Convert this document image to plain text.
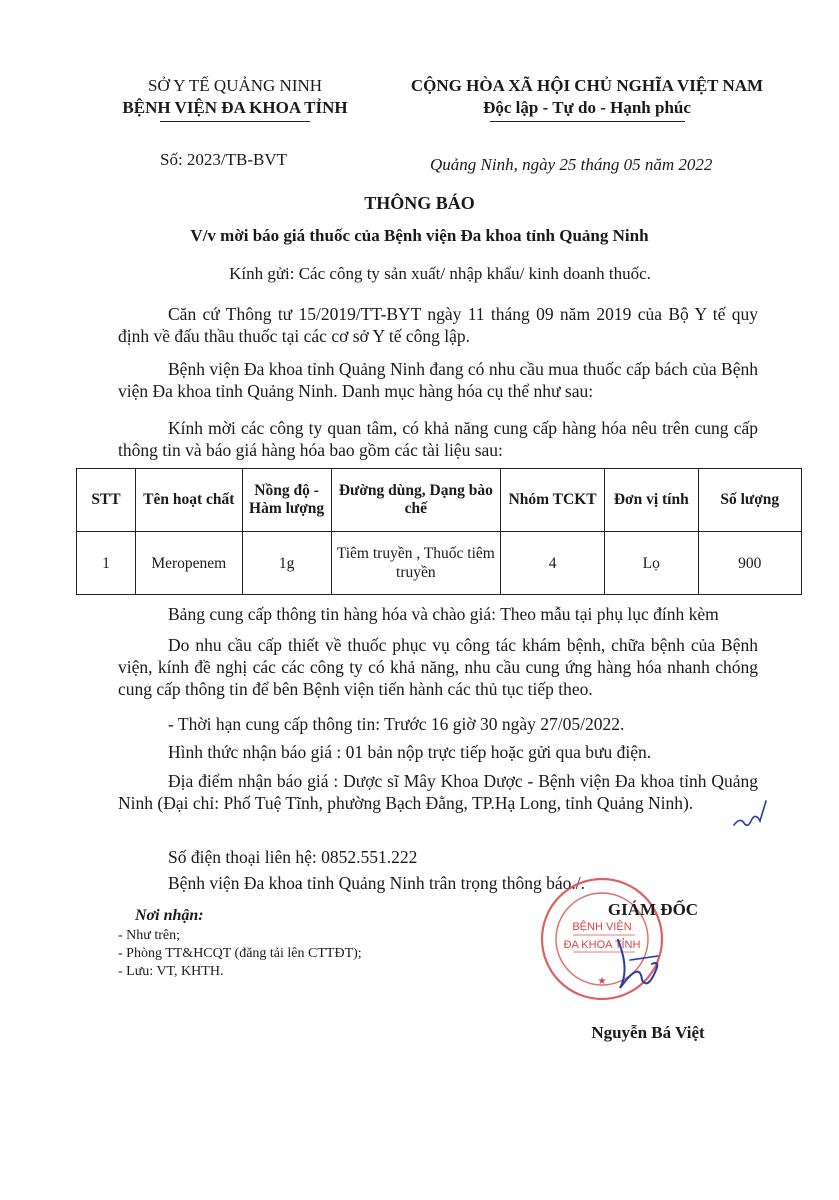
SỞ Y TẾ QUẢNG NINH
BỆNH VIỆN ĐA KHOA TỈNH
CỘNG HÒA XÃ HỘI CHỦ NGHĨA VIỆT NAM
Độc lập - Tự do - Hạnh phúc
Số: 2023/TB-BVT	Quảng Ninh, ngày 25 tháng 05 năm 2022
THÔNG BÁO
V/v mời báo giá thuốc của Bệnh viện Đa khoa tỉnh Quảng Ninh
Kính gửi: Các công ty sản xuất/ nhập khẩu/ kinh doanh thuốc.
Căn cứ Thông tư 15/2019/TT-BYT ngày 11 tháng 09 năm 2019 của Bộ Y tế quy định về đấu thầu thuốc tại các cơ sở Y tế công lập.
Bệnh viện Đa khoa tỉnh Quảng Ninh đang có nhu cầu mua thuốc cấp bách của Bệnh viện Đa khoa tỉnh Quảng Ninh. Danh mục hàng hóa cụ thể như sau:
Kính mời các công ty quan tâm, có khả năng cung cấp hàng hóa nêu trên cung cấp thông tin và báo giá hàng hóa bao gồm các tài liệu sau:
STT	Tên hoạt chất	Nồng độ - Hàm lượng	Đường dùng, Dạng bào chế	Nhóm TCKT	Đơn vị tính	Số lượng
1	Meropenem	1g	Tiêm truyền , Thuốc tiêm truyền	4	Lọ	900
Bảng cung cấp thông tin hàng hóa và chào giá: Theo mẫu tại phụ lục đính kèm
Do nhu cầu cấp thiết về thuốc phục vụ công tác khám bệnh, chữa bệnh của Bệnh viện, kính đề nghị các các công ty có khả năng, nhu cầu cung ứng hàng hóa nhanh chóng cung cấp thông tin để bên Bệnh viện tiến hành các thủ tục tiếp theo.
- Thời hạn cung cấp thông tin: Trước 16 giờ 30 ngày 27/05/2022.
Hình thức nhận báo giá : 01 bản nộp trực tiếp hoặc gửi qua bưu điện.
Địa điểm nhận báo giá : Dược sĩ Mây Khoa Dược - Bệnh viện Đa khoa tỉnh Quảng Ninh (Đại chỉ: Phố Tuệ Tĩnh, phường Bạch Đằng, TP.Hạ Long, tỉnh Quảng Ninh).
Số điện thoại liên hệ: 0852.551.222
Bệnh viện Đa khoa tỉnh Quảng Ninh trân trọng thông báo./.
Nơi nhận:
- Như trên;
- Phòng TT&HCQT (đăng tải lên CTTĐT);
- Lưu: VT, KHTH.
BỆNH VIỆN
ĐA KHOA TỈNH
★
GIÁM ĐỐC
Nguyễn Bá Việt
